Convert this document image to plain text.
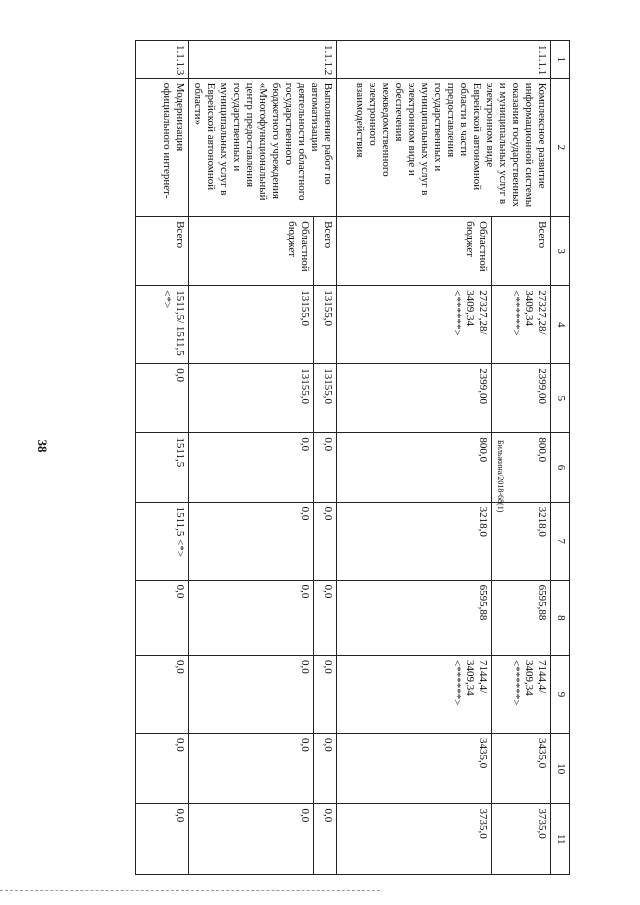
38	Бильжина/2018-68(1)
1	2	3	4	5	6	7	8	9	10	11
1.1.1.1	Комплексное развитие информационной системы оказания государственных и муниципальных услуг в электронном виде Еврейской автономной области в части предоставления государственных и муниципальных услуг в электронном виде и обеспечения межведомственного электронного взаимодействия	Всего	27327,28/ 3409,34 <******>	2399,00	800,0	3218,0	6595,88	7144,4/ 3409,34 <******>	3435,0	3735,0
		Областной бюджет	27327,28/ 3409,34 <******>	2399,00	800,0	3218,0	6595,88	7144,4/ 3409,34 <******>	3435,0	3735,0
1.1.1.2	Выполнение работ по автоматизации деятельности областного государственного бюджетного учреждения «Многофункциональный центр предоставления государственных и муниципальных услуг в Еврейской автономной области»	Всего	13155,0	13155,0	0,0	0,0	0,0	0,0	0,0	0,0
		Областной бюджет	13155,0	13155,0	0,0	0,0	0,0	0,0	0,0	0,0
1.1.1.3	Модернизация официального интернет-	Всего	1511,5/ 1511,5 <*>	0,0	1511,5	1511,5 <*>	0,0	0,0	0,0	0,0
